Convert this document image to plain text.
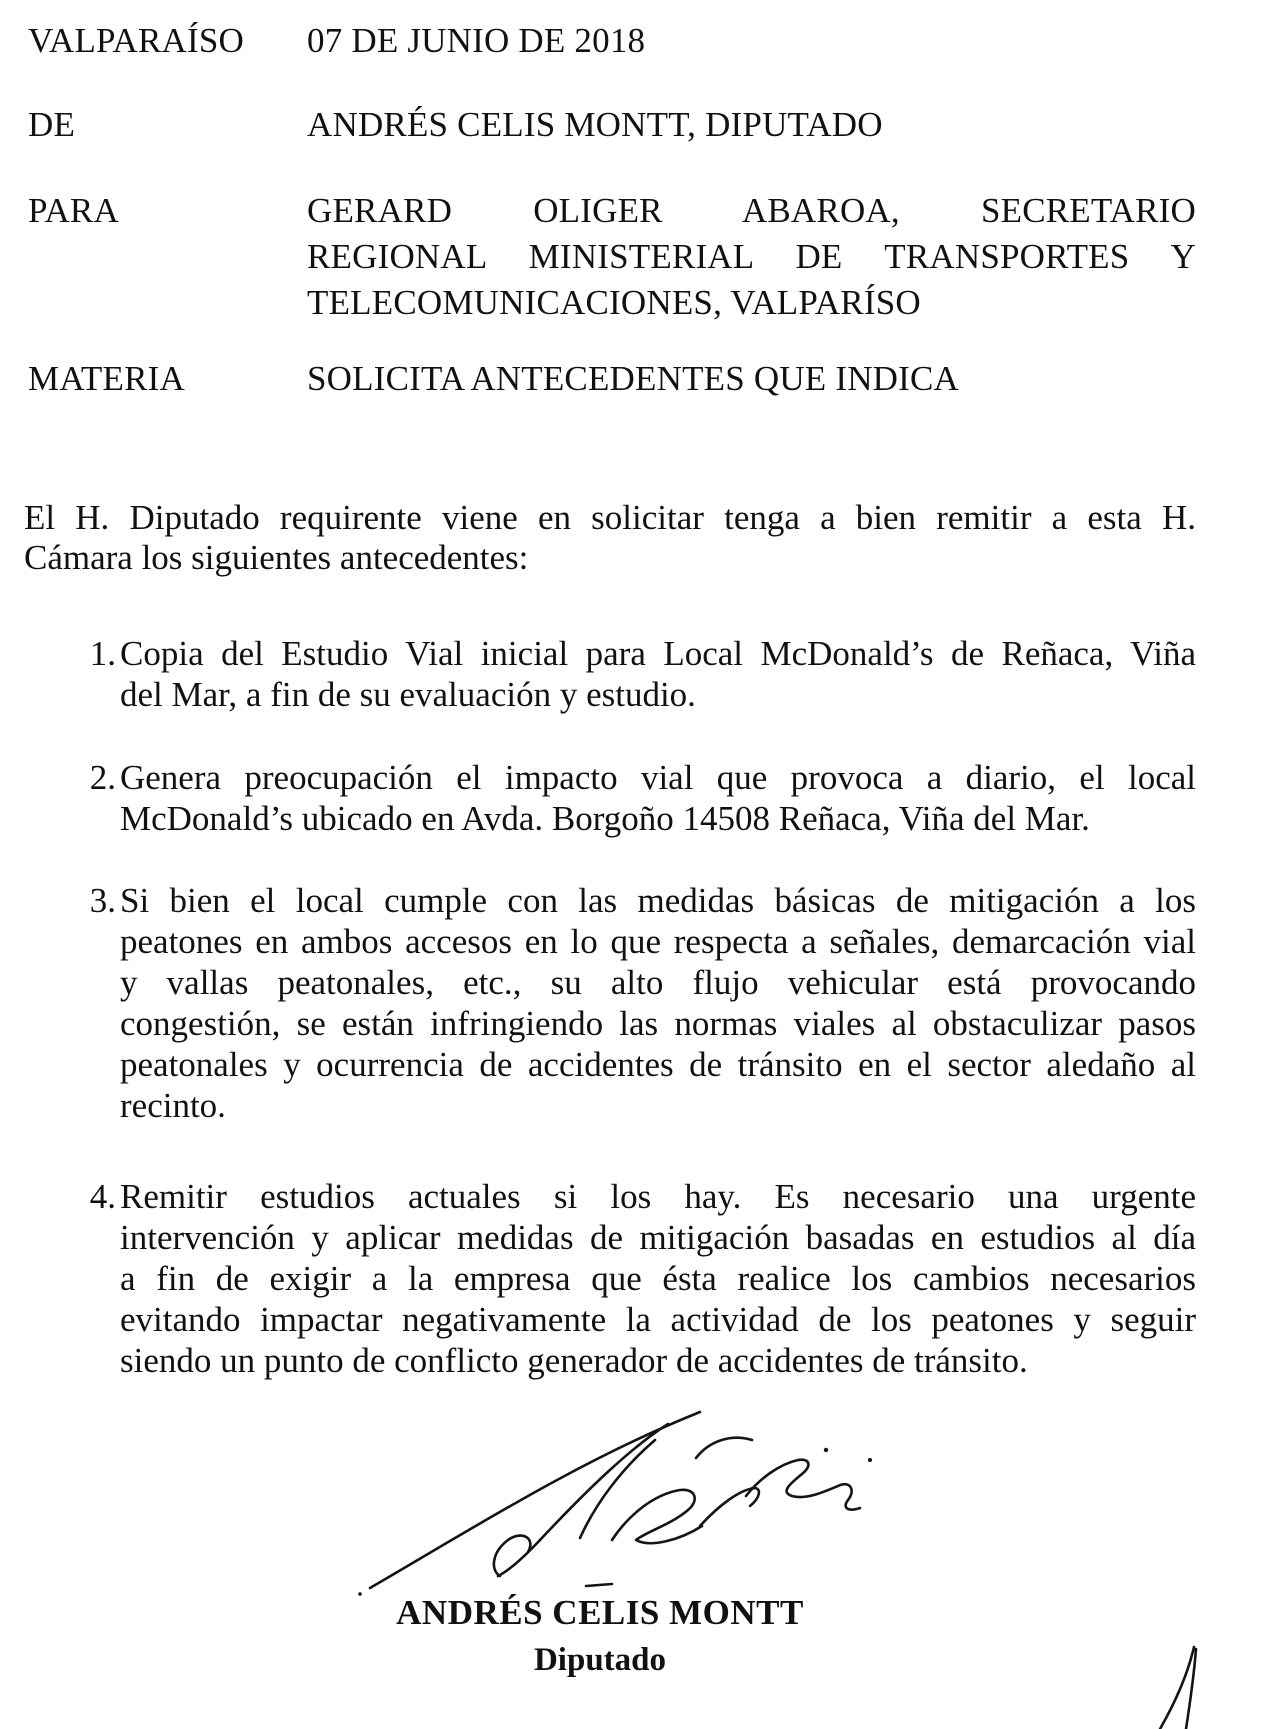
VALPARAÍSO 07 DE JUNIO DE 2018
DE	ANDRÉS CELIS MONTT, DIPUTADO
PARA	GERARD OLIGER ABAROA, SECRETARIO
REGIONAL MINISTERIAL DE TRANSPORTES Y
TELECOMUNICACIONES, VALPARÍSO
MATERIA	SOLICITA ANTECEDENTES QUE INDICA
El H. Diputado requirente viene en solicitar tenga a bien remitir a esta H.
Cámara los siguientes antecedentes:
1. Copia del Estudio Vial inicial para Local McDonald’s de Reñaca, Viña
del Mar, a fin de su evaluación y estudio.
2. Genera preocupación el impacto vial que provoca a diario, el local
McDonald’s ubicado en Avda. Borgoño 14508 Reñaca, Viña del Mar.
3. Si bien el local cumple con las medidas básicas de mitigación a los
peatones en ambos accesos en lo que respecta a señales, demarcación vial
y vallas peatonales, etc., su alto flujo vehicular está provocando
congestión, se están infringiendo las normas viales al obstaculizar pasos
peatonales y ocurrencia de accidentes de tránsito en el sector aledaño al
recinto.
4. Remitir estudios actuales si los hay. Es necesario una urgente
intervención y aplicar medidas de mitigación basadas en estudios al día
a fin de exigir a la empresa que ésta realice los cambios necesarios
evitando impactar negativamente la actividad de los peatones y seguir
siendo un punto de conflicto generador de accidentes de tránsito.
ANDRÉS CELIS MONTT
Diputado
